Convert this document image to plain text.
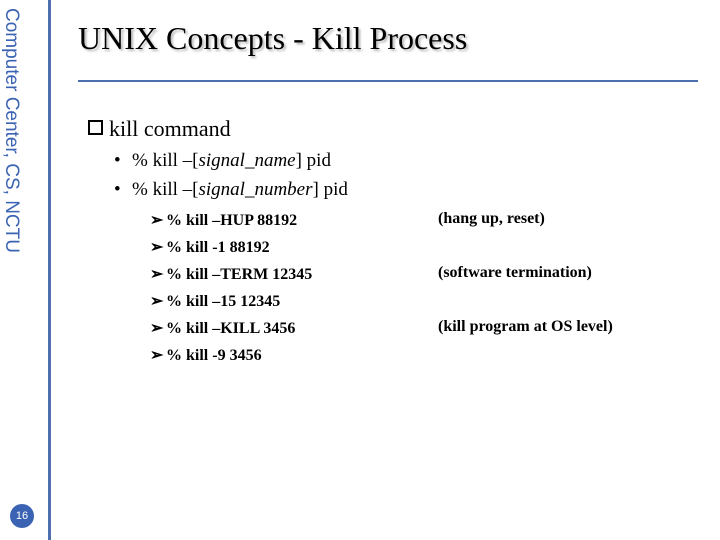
Computer Center, CS, NCTU
16
UNIX Concepts - Kill Process
kill command
• % kill –[signal_name] pid
• % kill –[signal_number] pid
➢ % kill –HUP 88192	(hang up, reset)
➢ % kill -1 88192
➢ % kill –TERM 12345	(software termination)
➢ % kill –15 12345
➢ % kill –KILL 3456	(kill program at OS level)
➢ % kill -9 3456
